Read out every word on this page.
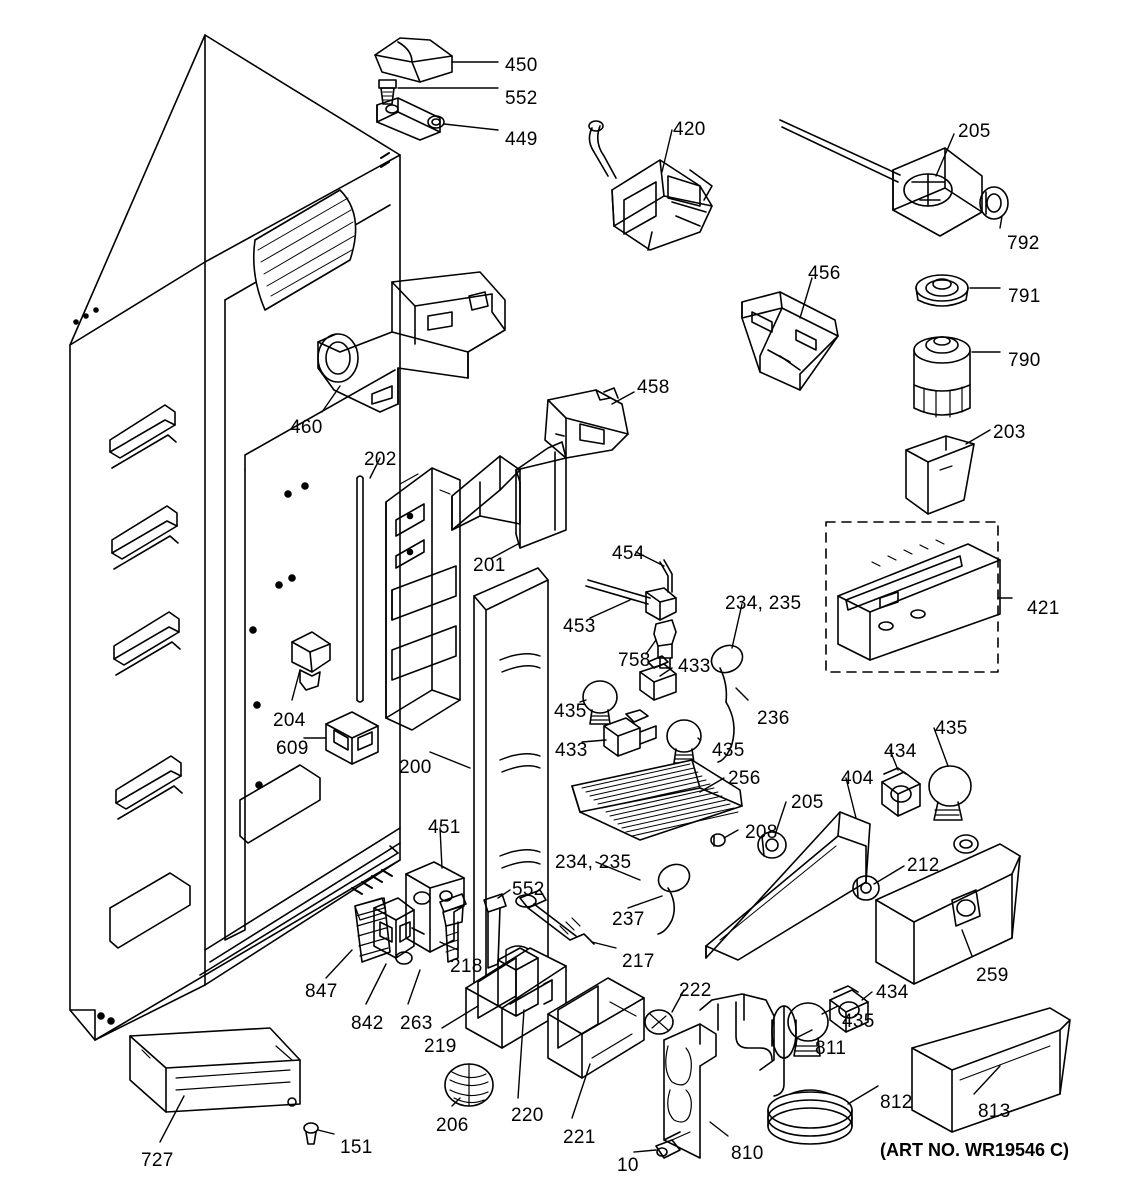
450
552
449	420	205
792
456
791
790
460
458
203
202
201
454
234, 235	421
453
758 433
204	435	236
433	435
609
435
200
434
256	404
205
208
451
212
234, 235
552
237
259
217
218
847
842 263
219
222	434
435
811
812	813
220
221
206
810
10
727
151	(ART NO. WR19546 C)
